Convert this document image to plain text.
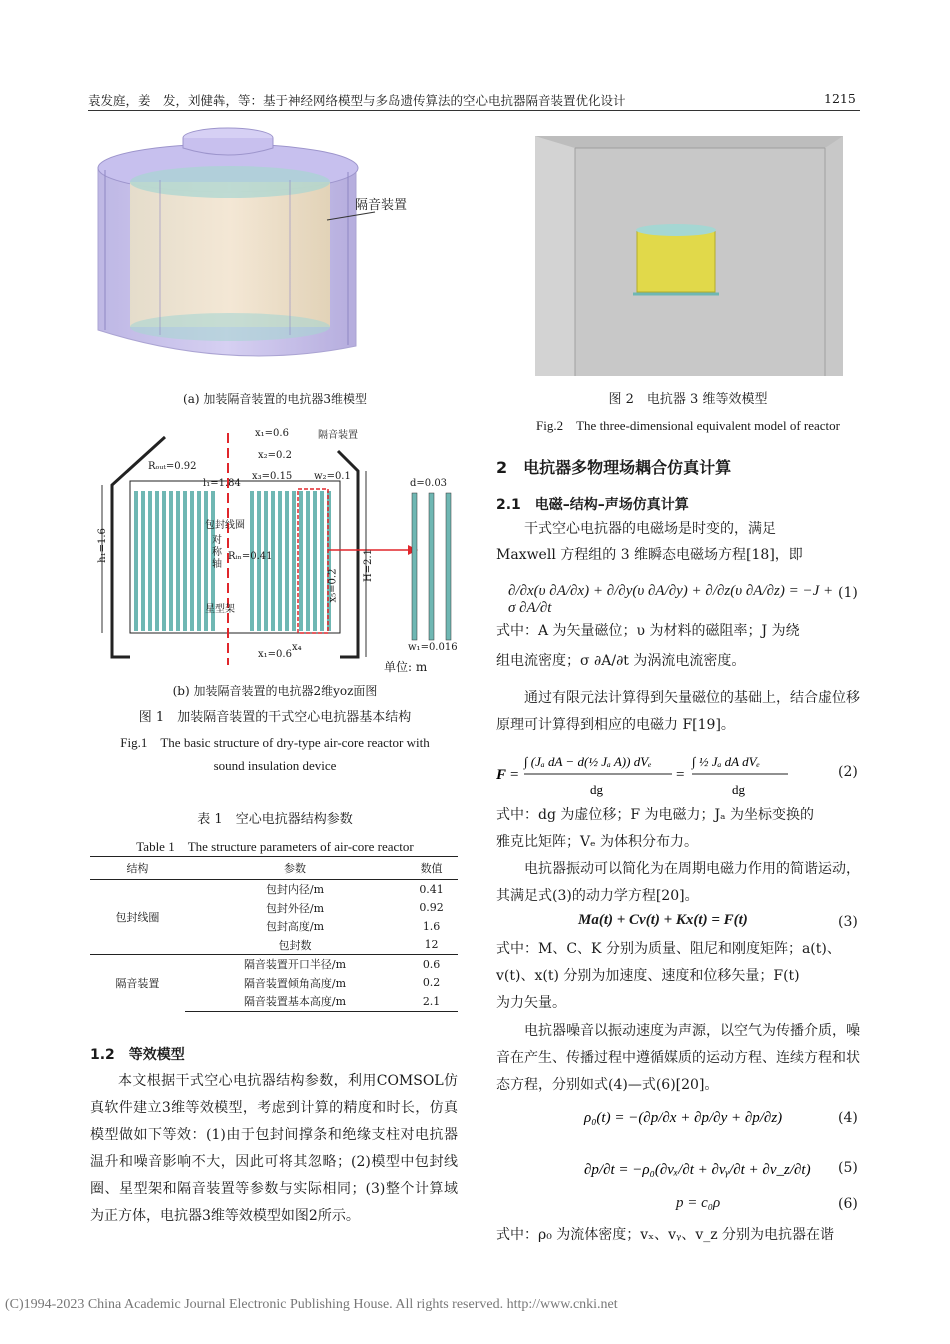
袁发庭，姜　发，刘健犇，等：基于神经网络模型与多岛遗传算法的空心电抗器隔音装置优化设计	1215
隔音装置
(a) 加装隔音装置的电抗器3维模型
x₁=0.6	隔音装置
x₂=0.2
x₃=0.15 w₂=0.1
Rₒᵤₜ=0.92
l₁=1.84
包封线圈
对称轴
Rᵢₙ=0.41
h₁=1.6
x₅=0.2
H=2.1
星型架
x₁=0.6
x₄
d=0.03
w₁=0.016
单位: m
(b) 加装隔音装置的电抗器2维yoz面图
图 1　加装隔音装置的干式空心电抗器基本结构
Fig.1　The basic structure of dry-type air-core reactor with
sound insulation device
表 1　空心电抗器结构参数
Table 1　The structure parameters of air-core reactor
结构	参数	数值
包封线圈	包封内径/m	0.41
	包封外径/m	0.92
	包封高度/m	1.6
	包封数	12
隔音装置	隔音装置开口半径/m	0.6
	隔音装置倾角高度/m	0.2
	隔音装置基本高度/m	2.1
1.2　等效模型
本文根据干式空心电抗器结构参数，利用COMSOL仿真软件建立3维等效模型，考虑到计算的精度和时长，仿真模型做如下等效：(1)由于包封间撑条和绝缘支柱对电抗器温升和噪音影响不大，因此可将其忽略；(2)模型中包封线圈、星型架和隔音装置等参数与实际相同；(3)整个计算域为正方体，电抗器3维等效模型如图2所示。
图 2　电抗器 3 维等效模型
Fig.2　The three-dimensional equivalent model of reactor
2　电抗器多物理场耦合仿真计算
2.1　电磁–结构–声场仿真计算
干式空心电抗器的电磁场是时变的，满足
Maxwell 方程组的 3 维瞬态电磁场方程[18]，即
∂/∂x(υ ∂A/∂x) + ∂/∂y(υ ∂A/∂y) + ∂/∂z(υ ∂A/∂z) = −J + σ ∂A/∂t
(1)
式中：A 为矢量磁位；υ 为材料的磁阻率；J 为绕
组电流密度；σ ∂A/∂t 为涡流电流密度。
通过有限元法计算得到矢量磁位的基础上，结合虚位移原理可计算得到相应的电磁力 F[19]。
F =
∫ (Jₐ dA − d(½ Jₐ A)) dVₑ
dg
=
∫ ½ Jₐ dA dVₑ
dg
(2)
式中：dg 为虚位移；F 为电磁力；Jₐ 为坐标变换的
雅克比矩阵；Vₑ 为体积分布力。
电抗器振动可以简化为在周期电磁力作用的简谐运动，其满足式(3)的动力学方程[20]。
Ma(t) + Cv(t) + Kx(t) = F(t)	(3)
式中：M、C、K 分别为质量、阻尼和刚度矩阵；a(t)、
v(t)、x(t) 分别为加速度、速度和位移矢量；F(t)
为力矢量。
电抗器噪音以振动速度为声源，以空气为传播介质，噪音在产生、传播过程中遵循媒质的运动方程、连续方程和状态方程，分别如式(4)—式(6)[20]。
ρ₀(t) = −(∂p/∂x + ∂p/∂y + ∂p/∂z)	(4)
∂p/∂t = −ρ₀(∂vₓ/∂t + ∂vᵧ/∂t + ∂v_z/∂t) (5)
p = c₀ρ	(6)
式中：ρ₀ 为流体密度；vₓ、vᵧ、v_z 分别为电抗器在谐
(C)1994-2023 China Academic Journal Electronic Publishing House. All rights reserved. http://www.cnki.net
